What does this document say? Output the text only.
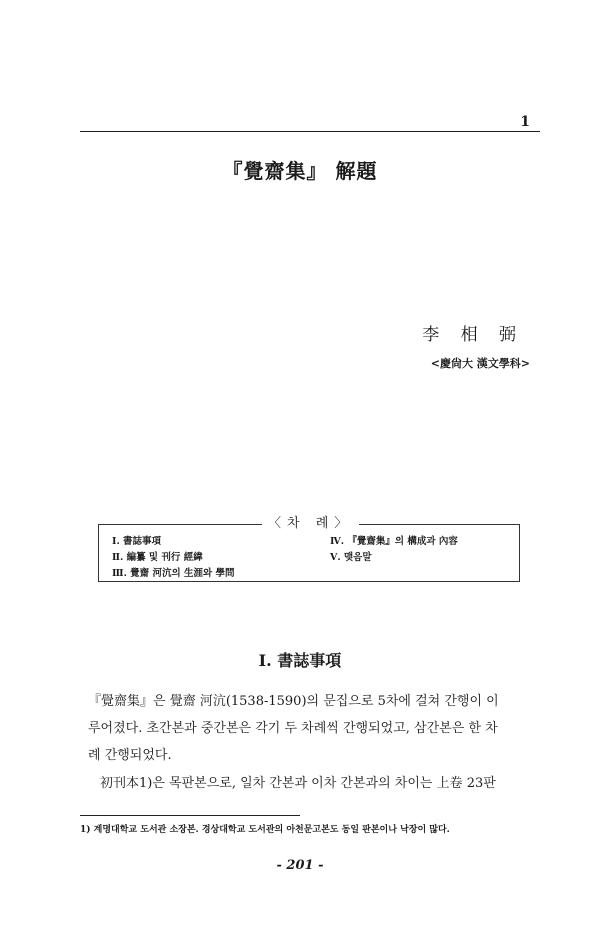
1
『覺齋集』 解題
李 相 弼
<慶尙大 漢文學科>
〈차 례〉
Ⅰ. 書誌事項
Ⅱ. 編纂 및 刊行 經緯
Ⅲ. 覺齋 河沆의 生涯와 學問
Ⅳ. 『覺齋集』의 構成과 內容
Ⅴ. 맺음말
Ⅰ. 書誌事項
『覺齋集』은 覺齋 河沆(1538-1590)의 문집으로 5차에 걸쳐 간행이 이
루어졌다. 초간본과 중간본은 각기 두 차례씩 간행되었고, 삼간본은 한 차
례 간행되었다.
初刊本1)은 목판본으로, 일차 간본과 이차 간본과의 차이는 上卷 23판
1) 계명대학교 도서관 소장본. 경상대학교 도서관의 아천문고본도 동일 판본이나 낙장이 많다.
- 201 -
